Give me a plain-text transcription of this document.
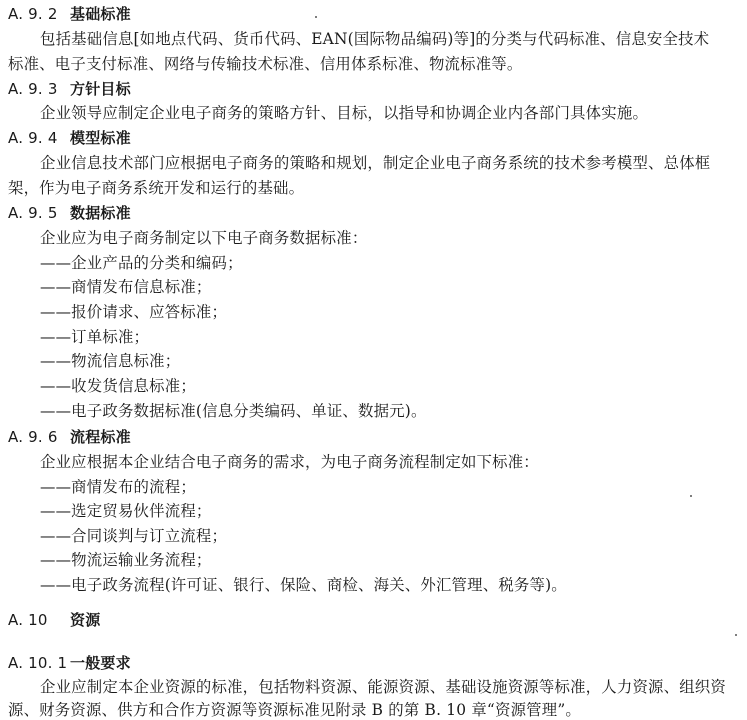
A. 9. 2 基础标准
包括基础信息[如地点代码、货币代码、EAN(国际物品编码)等]的分类与代码标准、信息安全技术
标准、电子支付标准、网络与传输技术标准、信用体系标准、物流标准等。
A. 9. 3 方针目标
企业领导应制定企业电子商务的策略方针、目标，以指导和协调企业内各部门具体实施。
A. 9. 4 模型标准
企业信息技术部门应根据电子商务的策略和规划，制定企业电子商务系统的技术参考模型、总体框
架，作为电子商务系统开发和运行的基础。
A. 9. 5 数据标准
企业应为电子商务制定以下电子商务数据标准：
——企业产品的分类和编码；
——商情发布信息标准；
——报价请求、应答标准；
——订单标准；
——物流信息标准；
——收发货信息标准；
——电子政务数据标准(信息分类编码、单证、数据元)。
A. 9. 6 流程标准
企业应根据本企业结合电子商务的需求，为电子商务流程制定如下标准：
——商情发布的流程；
——选定贸易伙伴流程；
——合同谈判与订立流程；
——物流运输业务流程；
——电子政务流程(许可证、银行、保险、商检、海关、外汇管理、税务等)。
A. 10 资源
A. 10. 1 一般要求
企业应制定本企业资源的标准，包括物料资源、能源资源、基础设施资源等标准，人力资源、组织资
源、财务资源、供方和合作方资源等资源标准见附录 B 的第 B. 10 章“资源管理”。
